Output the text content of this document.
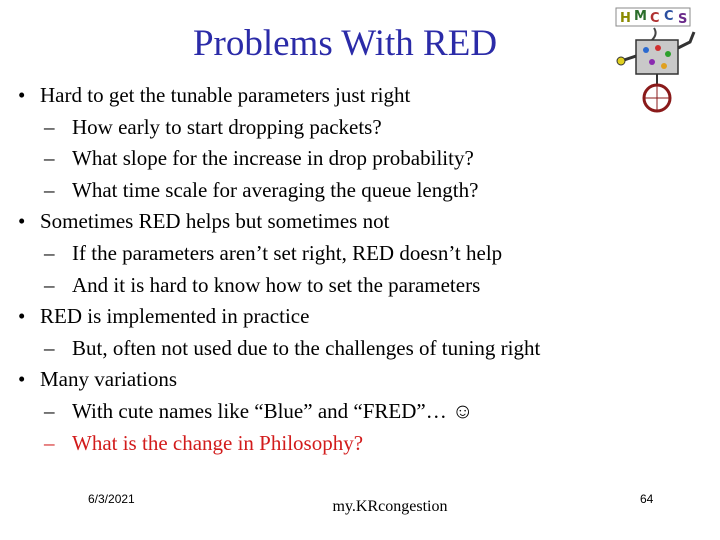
Problems With RED
H M C C S
• Hard to get the tunable parameters just right
– How early to start dropping packets?
– What slope for the increase in drop probability?
– What time scale for averaging the queue length?
• Sometimes RED helps but sometimes not
– If the parameters aren’t set right, RED doesn’t help
– And it is hard to know how to set the parameters
• RED is implemented in practice
– But, often not used due to the challenges of tuning right
• Many variations
– With cute names like “Blue” and “FRED”… ☺
– What is the change in Philosophy?
6/3/2021	my.KRcongestion	64
